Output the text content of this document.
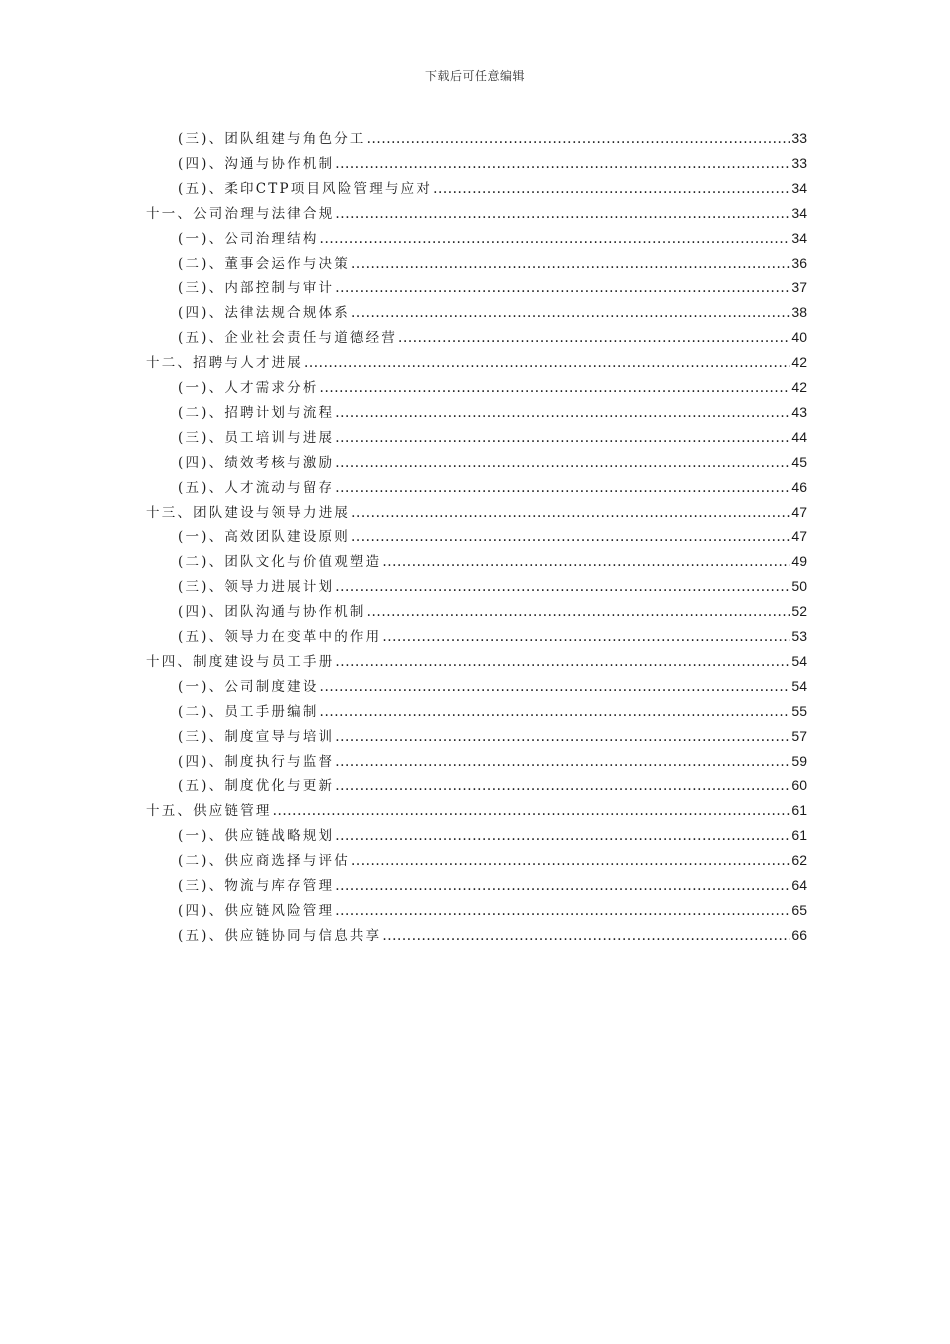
下载后可任意编辑
(三)、团队组建与角色分工 .....	33
(四)、沟通与协作机制 .....	33
(五)、柔印CTP项目风险管理与应对 .....	34
十一、公司治理与法律合规 .....	34
(一)、公司治理结构 .....	34
(二)、董事会运作与决策 .....	36
(三)、内部控制与审计 .....	37
(四)、法律法规合规体系 .....	38
(五)、企业社会责任与道德经营 .....	40
十二、招聘与人才进展 .....	42
(一)、人才需求分析 .....	42
(二)、招聘计划与流程 .....	43
(三)、员工培训与进展 .....	44
(四)、绩效考核与激励 .....	45
(五)、人才流动与留存 .....	46
十三、团队建设与领导力进展 .....	47
(一)、高效团队建设原则 .....	47
(二)、团队文化与价值观塑造 .....	49
(三)、领导力进展计划 .....	50
(四)、团队沟通与协作机制 .....	52
(五)、领导力在变革中的作用 .....	53
十四、制度建设与员工手册 .....	54
(一)、公司制度建设 .....	54
(二)、员工手册编制 .....	55
(三)、制度宣导与培训 .....	57
(四)、制度执行与监督 .....	59
(五)、制度优化与更新 .....	60
十五、供应链管理 .....	61
(一)、供应链战略规划 .....	61
(二)、供应商选择与评估 .....	62
(三)、物流与库存管理 .....	64
(四)、供应链风险管理 .....	65
(五)、供应链协同与信息共享 .....	66
